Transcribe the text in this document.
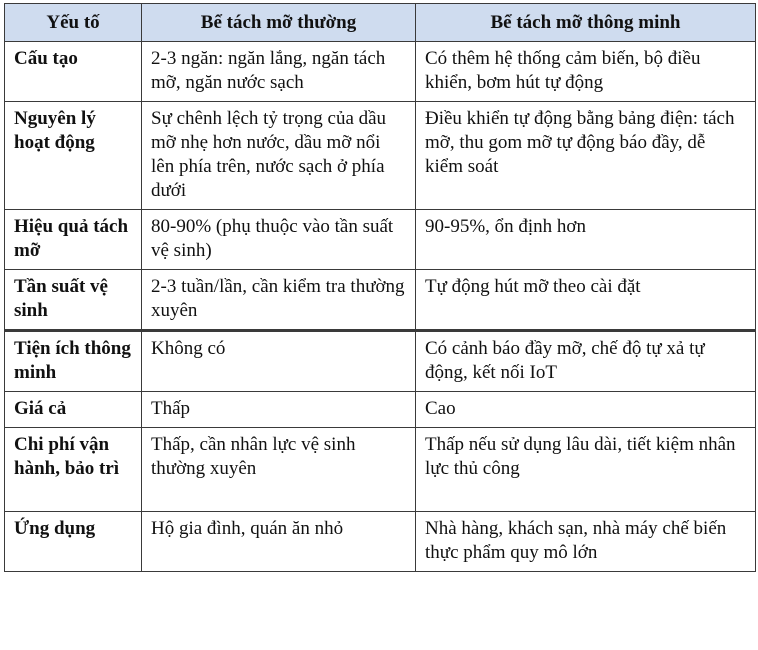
Yếu tố	Bể tách mỡ thường	Bể tách mỡ thông minh
Cấu tạo	2-3 ngăn: ngăn lắng, ngăn tách mỡ, ngăn nước sạch	Có thêm hệ thống cảm biến, bộ điều khiển, bơm hút tự động
Nguyên lý hoạt động	Sự chênh lệch tỷ trọng của dầu mỡ nhẹ hơn nước, dầu mỡ nổi lên phía trên, nước sạch ở phía dưới	Điều khiển tự động bằng bảng điện: tách mỡ, thu gom mỡ tự động báo đầy, dễ kiểm soát
Hiệu quả tách mỡ	80-90% (phụ thuộc vào tần suất vệ sinh)	90-95%, ổn định hơn
Tần suất vệ sinh	2-3 tuần/lần, cần kiểm tra thường xuyên	Tự động hút mỡ theo cài đặt
Tiện ích thông minh	Không có	Có cảnh báo đầy mỡ, chế độ tự xả tự động, kết nối IoT
Giá cả	Thấp	Cao
Chi phí vận hành, bảo trì	Thấp, cần nhân lực vệ sinh thường xuyên	Thấp nếu sử dụng lâu dài, tiết kiệm nhân lực thủ công
Ứng dụng	Hộ gia đình, quán ăn nhỏ	Nhà hàng, khách sạn, nhà máy chế biến thực phẩm quy mô lớn
